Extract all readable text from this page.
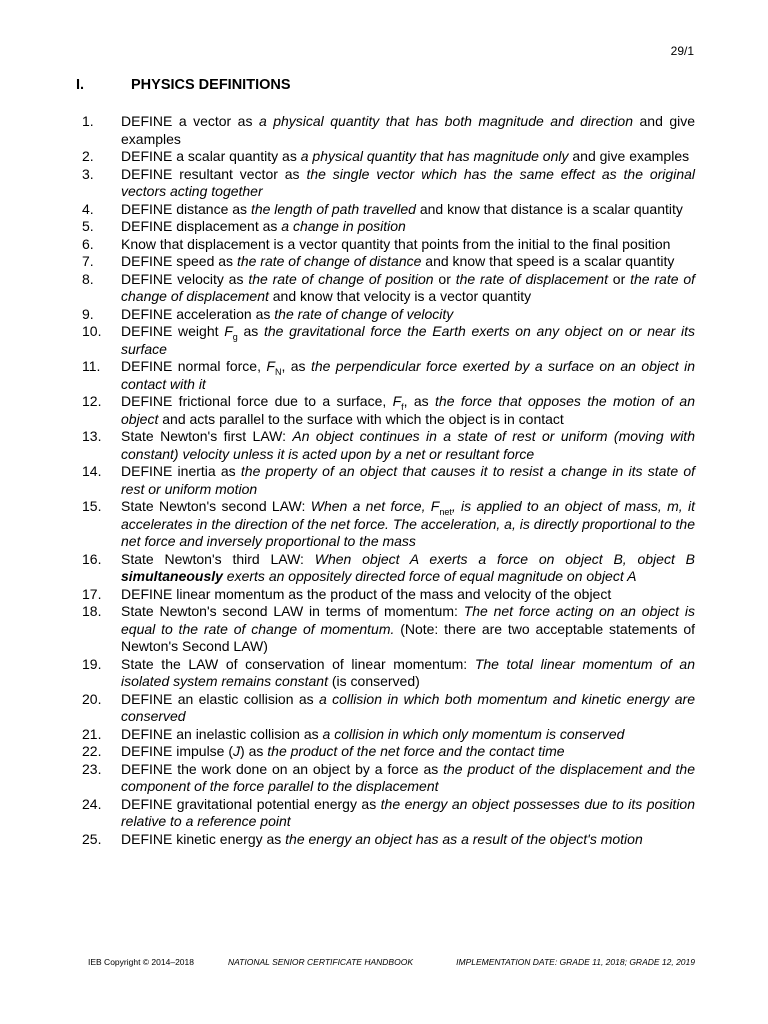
29/1
I.	PHYSICS DEFINITIONS
1.	DEFINE a vector as a physical quantity that has both magnitude and direction and give examples
2.	DEFINE a scalar quantity as a physical quantity that has magnitude only and give examples
3.	DEFINE resultant vector as the single vector which has the same effect as the original vectors acting together
4.	DEFINE distance as the length of path travelled and know that distance is a scalar quantity
5.	DEFINE displacement as a change in position
6.	Know that displacement is a vector quantity that points from the initial to the final position
7.	DEFINE speed as the rate of change of distance and know that speed is a scalar quantity
8.	DEFINE velocity as the rate of change of position or the rate of displacement or the rate of change of displacement and know that velocity is a vector quantity
9.	DEFINE acceleration as the rate of change of velocity
10.	DEFINE weight $F_g$ as the gravitational force the Earth exerts on any object on or near its surface
11.	DEFINE normal force, $F_N$, as the perpendicular force exerted by a surface on an object in contact with it
12.	DEFINE frictional force due to a surface, $F_f$, as the force that opposes the motion of an object and acts parallel to the surface with which the object is in contact
13.	State Newton's first LAW: An object continues in a state of rest or uniform (moving with constant) velocity unless it is acted upon by a net or resultant force
14.	DEFINE inertia as the property of an object that causes it to resist a change in its state of rest or uniform motion
15.	State Newton's second LAW: When a net force, $F_{net}$, is applied to an object of mass, m, it accelerates in the direction of the net force. The acceleration, a, is directly proportional to the net force and inversely proportional to the mass
16.	State Newton's third LAW: When object A exerts a force on object B, object B simultaneously exerts an oppositely directed force of equal magnitude on object A
17.	DEFINE linear momentum as the product of the mass and velocity of the object
18.	State Newton's second LAW in terms of momentum: The net force acting on an object is equal to the rate of change of momentum. (Note: there are two acceptable statements of Newton's Second LAW)
19.	State the LAW of conservation of linear momentum: The total linear momentum of an isolated system remains constant (is conserved)
20.	DEFINE an elastic collision as a collision in which both momentum and kinetic energy are conserved
21.	DEFINE an inelastic collision as a collision in which only momentum is conserved
22.	DEFINE impulse (J) as the product of the net force and the contact time
23.	DEFINE the work done on an object by a force as the product of the displacement and the component of the force parallel to the displacement
24.	DEFINE gravitational potential energy as the energy an object possesses due to its position relative to a reference point
25.	DEFINE kinetic energy as the energy an object has as a result of the object's motion
IEB Copyright © 2014–2018	NATIONAL SENIOR CERTIFICATE HANDBOOK	IMPLEMENTATION DATE: GRADE 11, 2018; GRADE 12, 2019
